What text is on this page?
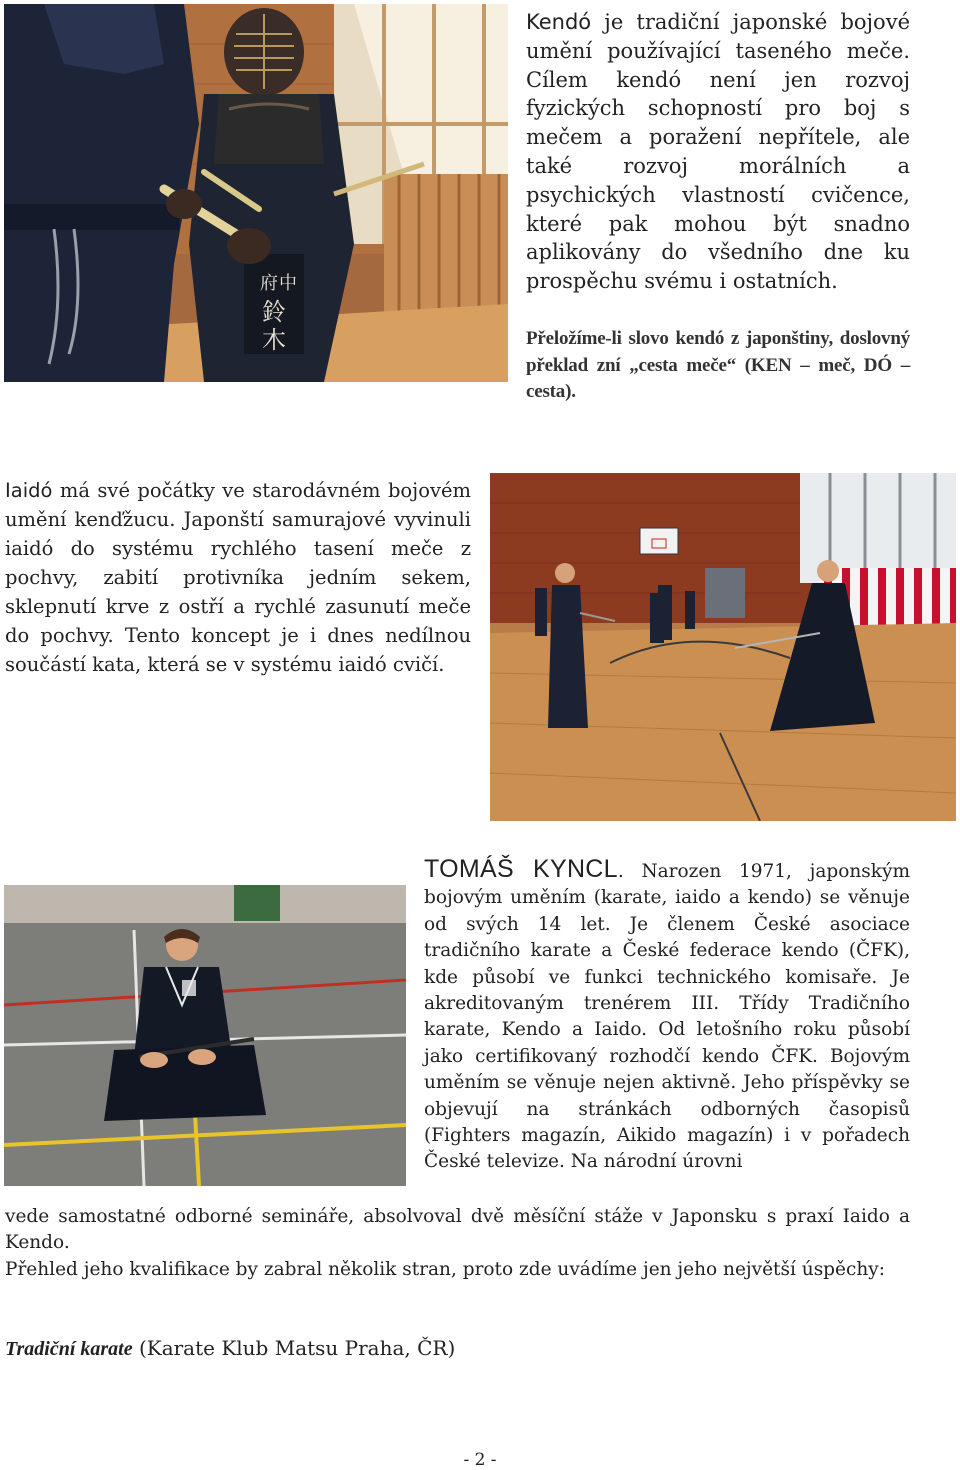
府 中
鈴
木
Kendó je tradiční japonské bojové umění používající taseného meče. Cílem kendó není jen rozvoj fyzických schopností pro boj s mečem a poražení nepřítele, ale také rozvoj morálních a psychických vlastností cvičence, které pak mohou být snadno aplikovány do všedního dne ku prospěchu svému i ostatních.
Přeložíme-li slovo kendó z japonštiny, doslovný překlad zní „cesta meče“ (KEN – meč, DÓ – cesta).
Iaidó má své počátky ve starodávném bojovém umění kenďžucu. Japonští samurajové vyvinuli iaidó do systému rychlého tasení meče z pochvy, zabití protivníka jedním sekem, sklepnutí krve z ostří a rychlé zasunutí meče do pochvy. Tento koncept je i dnes nedílnou součástí kata, která se v systému iaidó cvičí.
TOMÁŠ KYNCL. Narozen 1971, japonským bojovým uměním (karate, iaido a kendo) se věnuje od svých 14 let. Je členem České asociace tradičního karate a České federace kendo (ČFK), kde působí ve funkci technického komisaře. Je akreditovaným trenérem III. Třídy Tradičního karate, Kendo a Iaido. Od letošního roku působí jako certifikovaný rozhodčí kendo ČFK. Bojovým uměním se věnuje nejen aktivně. Jeho příspěvky se objevují na stránkách odborných časopisů (Fighters magazín, Aikido magazín) i v pořadech České televize. Na národní úrovni
vede samostatné odborné semináře, absolvoval dvě měsíční stáže v Japonsku s praxí Iaido a Kendo.
Přehled jeho kvalifikace by zabral několik stran, proto zde uvádíme jen jeho největší úspěchy:
Tradiční karate (Karate Klub Matsu Praha, ČR)
- 2 -
